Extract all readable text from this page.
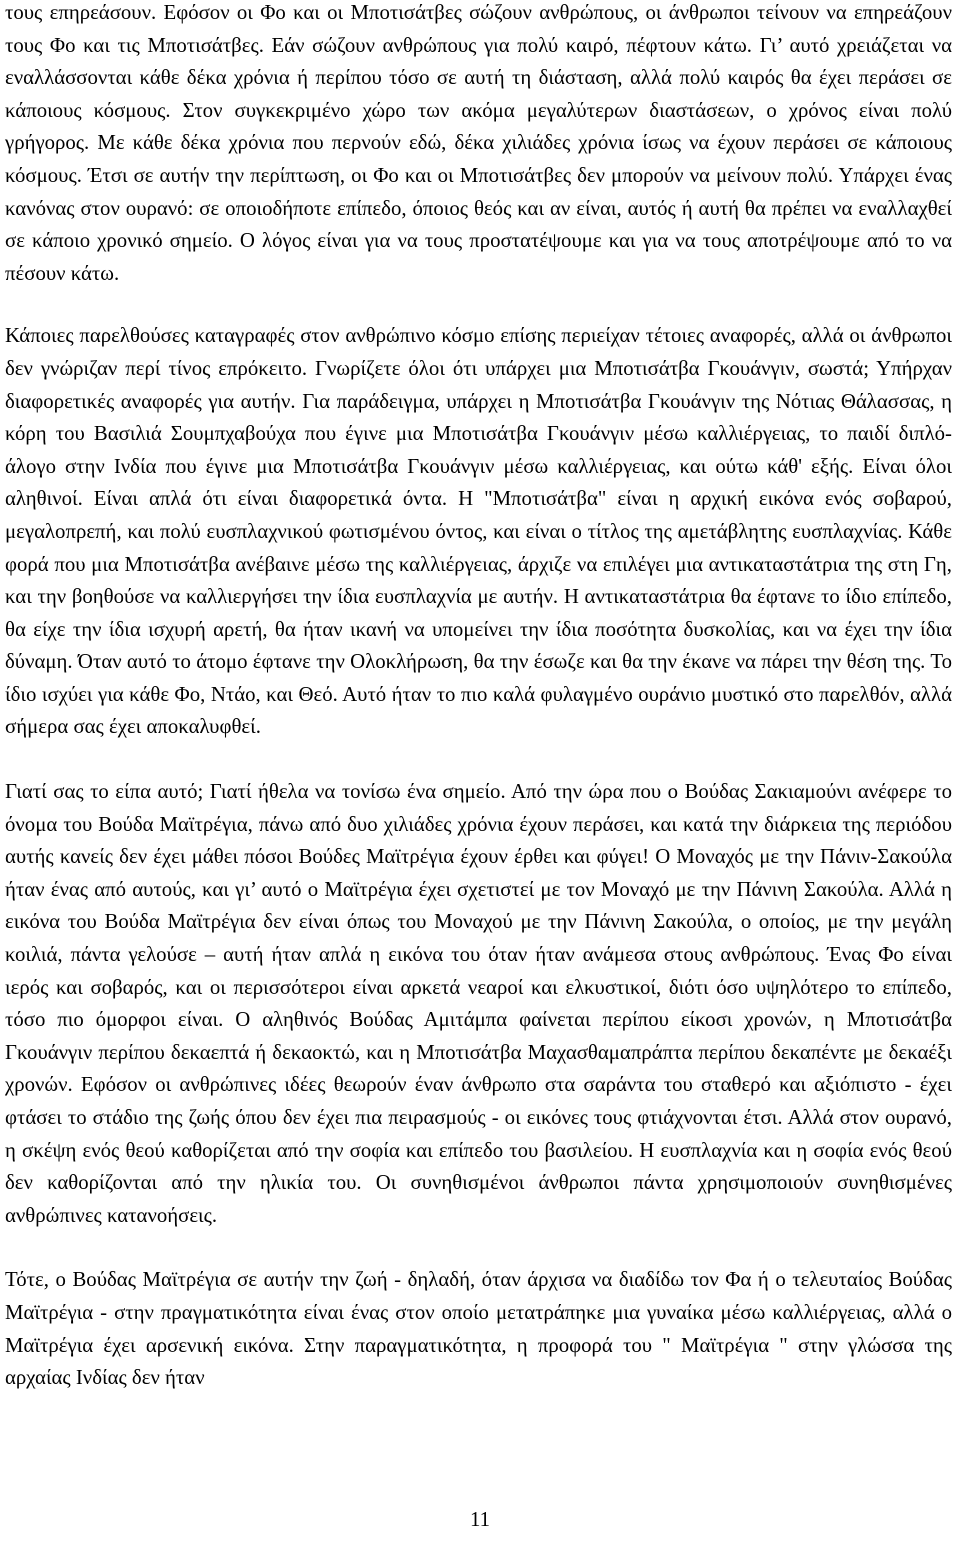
τους επηρεάσουν. Εφόσον οι Φο και οι Μποτισάτβες σώζουν ανθρώπους, οι άνθρωποι τείνουν να επηρεάζουν τους Φο και τις Μποτισάτβες. Εάν σώζουν ανθρώπους για πολύ καιρό, πέφτουν κάτω. Γι’ αυτό χρειάζεται να εναλλάσσονται κάθε δέκα χρόνια ή περίπου τόσο σε αυτή τη διάσταση, αλλά πολύ καιρός θα έχει περάσει σε κάποιους κόσμους. Στον συγκεκριμένο χώρο των ακόμα μεγαλύτερων διαστάσεων, ο χρόνος είναι πολύ γρήγορος. Με κάθε δέκα χρόνια που περνούν εδώ, δέκα χιλιάδες χρόνια ίσως να έχουν περάσει σε κάποιους κόσμους. Έτσι σε αυτήν την περίπτωση, οι Φο και οι Μποτισάτβες δεν μπορούν να μείνουν πολύ. Υπάρχει ένας κανόνας στον ουρανό: σε οποιοδήποτε επίπεδο, όποιος θεός και αν είναι, αυτός ή αυτή θα πρέπει να εναλλαχθεί σε κάποιο χρονικό σημείο. Ο λόγος είναι για να τους προστατέψουμε και για να τους αποτρέψουμε από το να πέσουν κάτω.

Κάποιες παρελθούσες καταγραφές στον ανθρώπινο κόσμο επίσης περιείχαν τέτοιες αναφορές, αλλά οι άνθρωποι δεν γνώριζαν περί τίνος επρόκειτο. Γνωρίζετε όλοι ότι υπάρχει μια Μποτισάτβα Γκουάνγιν, σωστά; Υπήρχαν διαφορετικές αναφορές για αυτήν. Για παράδειγμα, υπάρχει η Μποτισάτβα Γκουάνγιν της Νότιας Θάλασσας, η κόρη του Βασιλιά Σουμπχαβούχα που έγινε μια Μποτισάτβα Γκουάνγιν μέσω καλλιέργειας, το παιδί διπλό-άλογο στην Ινδία που έγινε μια Μποτισάτβα Γκουάνγιν μέσω καλλιέργειας, και ούτω κάθ' εξής. Είναι όλοι αληθινοί. Είναι απλά ότι είναι διαφορετικά όντα. Η "Μποτισάτβα" είναι η αρχική εικόνα ενός σοβαρού, μεγαλοπρεπή, και πολύ ευσπλαχνικού φωτισμένου όντος, και είναι ο τίτλος της αμετάβλητης ευσπλαχνίας. Κάθε φορά που μια Μποτισάτβα ανέβαινε μέσω της καλλιέργειας, άρχιζε να επιλέγει μια αντικαταστάτρια της στη Γη, και την βοηθούσε να καλλιεργήσει την ίδια ευσπλαχνία με αυτήν. Η αντικαταστάτρια θα έφτανε το ίδιο επίπεδο, θα είχε την ίδια ισχυρή αρετή, θα ήταν ικανή να υπομείνει την ίδια ποσότητα δυσκολίας, και να έχει την ίδια δύναμη. Όταν αυτό το άτομο έφτανε την Ολοκλήρωση, θα την έσωζε και θα την έκανε να πάρει την θέση της. Το ίδιο ισχύει για κάθε Φο, Ντάο, και Θεό. Αυτό ήταν το πιο καλά φυλαγμένο ουράνιο μυστικό στο παρελθόν, αλλά σήμερα σας έχει αποκαλυφθεί.

Γιατί σας το είπα αυτό; Γιατί ήθελα να τονίσω ένα σημείο. Από την ώρα που ο Βούδας Σακιαμούνι ανέφερε το όνομα του Βούδα Μαϊτρέγια, πάνω από δυο χιλιάδες χρόνια έχουν περάσει, και κατά την διάρκεια της περιόδου αυτής κανείς δεν έχει μάθει πόσοι Βούδες Μαϊτρέγια έχουν έρθει και φύγει! Ο Μοναχός με την Πάνιν-Σακούλα ήταν ένας από αυτούς, και γι’ αυτό ο Μαϊτρέγια έχει σχετιστεί με τον Μοναχό με την Πάνινη Σακούλα. Αλλά η εικόνα του Βούδα Μαϊτρέγια δεν είναι όπως του Μοναχού με την Πάνινη Σακούλα, ο οποίος, με την μεγάλη κοιλιά, πάντα γελούσε – αυτή ήταν απλά η εικόνα του όταν ήταν ανάμεσα στους ανθρώπους. Ένας Φο είναι ιερός και σοβαρός, και οι περισσότεροι είναι αρκετά νεαροί και ελκυστικοί, διότι όσο υψηλότερο το επίπεδο, τόσο πιο όμορφοι είναι. Ο αληθινός Βούδας Αμιτάμπα φαίνεται περίπου είκοσι χρονών, η Μποτισάτβα Γκουάνγιν περίπου δεκαεπτά ή δεκαοκτώ, και η Μποτισάτβα Μαχασθαμαπράπτα περίπου δεκαπέντε με δεκαέξι χρονών. Εφόσον οι ανθρώπινες ιδέες θεωρούν έναν άνθρωπο στα σαράντα του σταθερό και αξιόπιστο - έχει φτάσει το στάδιο της ζωής όπου δεν έχει πια πειρασμούς - οι εικόνες τους φτιάχνονται έτσι. Αλλά στον ουρανό, η σκέψη ενός θεού καθορίζεται από την σοφία και επίπεδο του βασιλείου. Η ευσπλαχνία και η σοφία ενός θεού δεν καθορίζονται από την ηλικία του. Οι συνηθισμένοι άνθρωποι πάντα χρησιμοποιούν συνηθισμένες ανθρώπινες κατανοήσεις.

Τότε, ο Βούδας Μαϊτρέγια σε αυτήν την ζωή - δηλαδή, όταν άρχισα να διαδίδω τον Φα ή ο τελευταίος Βούδας Μαϊτρέγια - στην πραγματικότητα είναι ένας στον οποίο μετατράπηκε μια γυναίκα μέσω καλλιέργειας, αλλά ο Μαϊτρέγια έχει αρσενική εικόνα. Στην παραγματικότητα, η προφορά του " Μαϊτρέγια " στην γλώσσα της αρχαίας Ινδίας δεν ήταν

11
